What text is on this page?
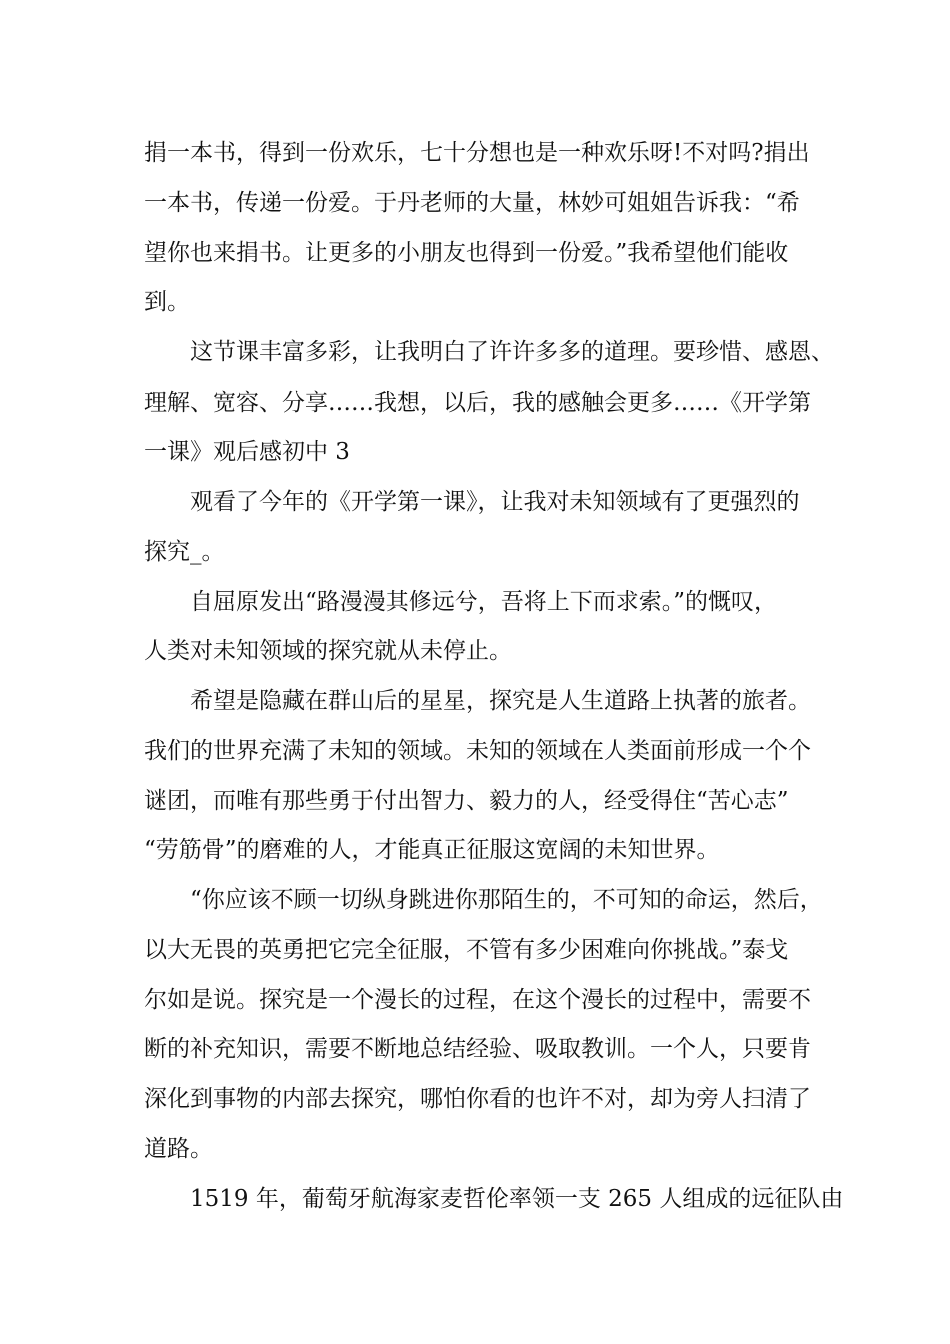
捐一本书，得到一份欢乐，七十分想也是一种欢乐呀!不对吗?捐出
一本书，传递一份爱。于丹老师的大量，林妙可姐姐告诉我：“希
望你也来捐书。让更多的小朋友也得到一份爱。”我希望他们能收
到。
这节课丰富多彩，让我明白了许许多多的道理。要珍惜、感恩、
理解、宽容、分享……我想，以后，我的感触会更多……《开学第
一课》观后感初中 3
观看了今年的《开学第一课》，让我对未知领域有了更强烈的
探究_。
自屈原发出“路漫漫其修远兮，吾将上下而求索。”的慨叹，
人类对未知领域的探究就从未停止。
希望是隐藏在群山后的星星，探究是人生道路上执著的旅者。
我们的世界充满了未知的领域。未知的领域在人类面前形成一个个
谜团，而唯有那些勇于付出智力、毅力的人，经受得住“苦心志”
“劳筋骨”的磨难的人，才能真正征服这宽阔的未知世界。
“你应该不顾一切纵身跳进你那陌生的，不可知的命运，然后，
以大无畏的英勇把它完全征服，不管有多少困难向你挑战。”泰戈
尔如是说。探究是一个漫长的过程，在这个漫长的过程中，需要不
断的补充知识，需要不断地总结经验、吸取教训。一个人，只要肯
深化到事物的内部去探究，哪怕你看的也许不对，却为旁人扫清了
道路。
1519 年，葡萄牙航海家麦哲伦率领一支 265 人组成的远征队由
